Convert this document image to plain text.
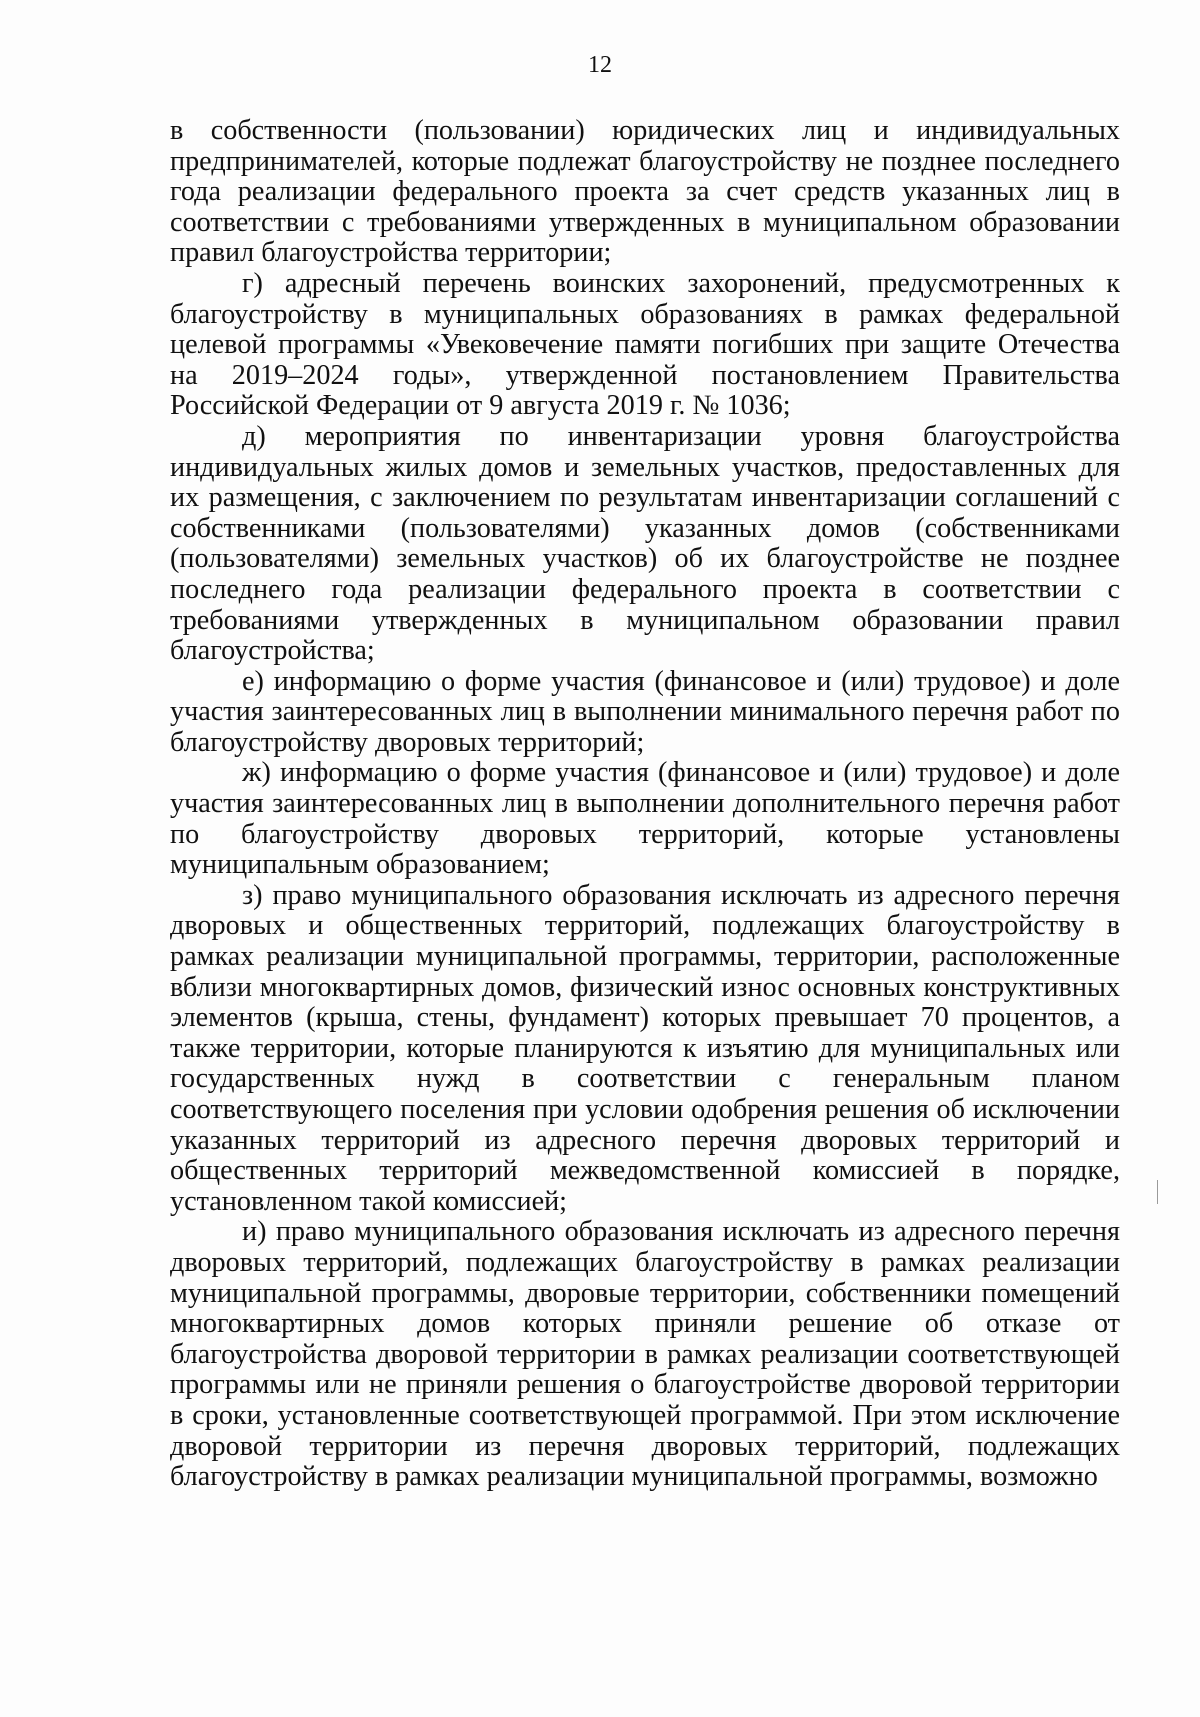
12

в собственности (пользовании) юридических лиц и индивидуальных предпринимателей, которые подлежат благоустройству не позднее последнего года реализации федерального проекта за счет средств указанных лиц в соответствии с требованиями утвержденных в муниципальном образовании правил благоустройства территории;

г) адресный перечень воинских захоронений, предусмотренных к благоустройству в муниципальных образованиях в рамках федеральной целевой программы «Увековечение памяти погибших при защите Отечества на 2019–2024 годы», утвержденной постановлением Правительства Российской Федерации от 9 августа 2019 г. № 1036;

д) мероприятия по инвентаризации уровня благоустройства индивидуальных жилых домов и земельных участков, предоставленных для их размещения, с заключением по результатам инвентаризации соглашений с собственниками (пользователями) указанных домов (собственниками (пользователями) земельных участков) об их благоустройстве не позднее последнего года реализации федерального проекта в соответствии с требованиями утвержденных в муниципальном образовании правил благоустройства;

е) информацию о форме участия (финансовое и (или) трудовое) и доле участия заинтересованных лиц в выполнении минимального перечня работ по благоустройству дворовых территорий;

ж) информацию о форме участия (финансовое и (или) трудовое) и доле участия заинтересованных лиц в выполнении дополнительного перечня работ по благоустройству дворовых территорий, которые установлены муниципальным образованием;

з) право муниципального образования исключать из адресного перечня дворовых и общественных территорий, подлежащих благоустройству в рамках реализации муниципальной программы, территории, расположенные вблизи многоквартирных домов, физический износ основных конструктивных элементов (крыша, стены, фундамент) которых превышает 70 процентов, а также территории, которые планируются к изъятию для муниципальных или государственных нужд в соответствии с генеральным планом соответствующего поселения при условии одобрения решения об исключении указанных территорий из адресного перечня дворовых территорий и общественных территорий межведомственной комиссией в порядке, установленном такой комиссией;

и) право муниципального образования исключать из адресного перечня дворовых территорий, подлежащих благоустройству в рамках реализации муниципальной программы, дворовые территории, собственники помещений многоквартирных домов которых приняли решение об отказе от благоустройства дворовой территории в рамках реализации соответствующей программы или не приняли решения о благоустройстве дворовой территории в сроки, установленные соответствующей программой. При этом исключение дворовой территории из перечня дворовых территорий, подлежащих благоустройству в рамках реализации муниципальной программы, возможно
